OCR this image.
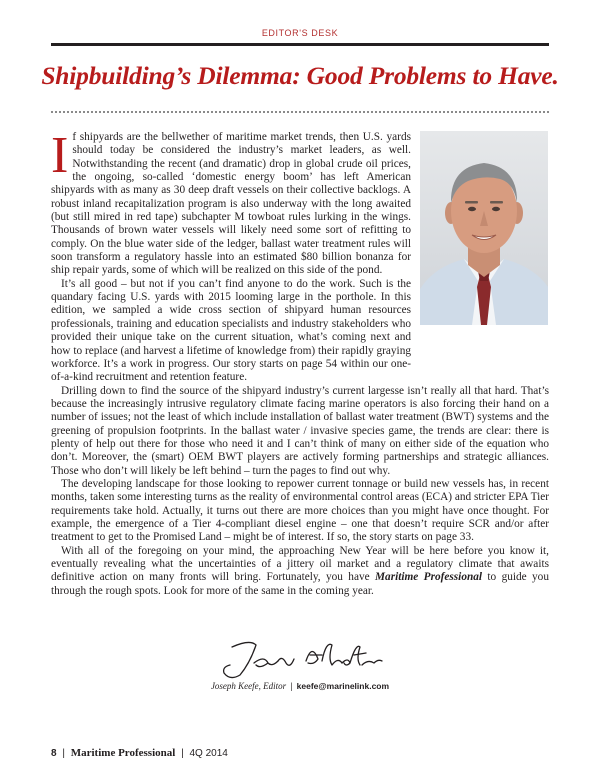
EDITOR'S DESK
Shipbuilding’s Dilemma: Good Problems to Have.

If shipyards are the bellwether of maritime market trends, then U.S. yards should today be considered the industry’s market leaders, as well. Notwithstanding the recent (and dramatic) drop in global crude oil prices, the ongoing, so-called ‘domestic energy boom’ has left American shipyards with as many as 30 deep draft vessels on their collective backlogs. A robust inland recapitalization program is also underway with the long awaited (but still mired in red tape) subchapter M towboat rules lurking in the wings. Thousands of brown water vessels will likely need some sort of refitting to comply. On the blue water side of the ledger, ballast water treatment rules will soon transform a regulatory hassle into an estimated $80 billion bonanza for ship repair yards, some of which will be realized on this side of the pond.

It’s all good – but not if you can’t find anyone to do the work. Such is the quandary facing U.S. yards with 2015 looming large in the porthole. In this edition, we sampled a wide cross section of shipyard human resources professionals, training and education specialists and industry stakeholders who provided their unique take on the current situation, what’s coming next and how to replace (and harvest a lifetime of knowledge from) their rapidly graying workforce. It’s a work in progress. Our story starts on page 54 within our one-of-a-kind recruitment and retention feature.

Drilling down to find the source of the shipyard industry’s current largesse isn’t really all that hard. That’s because the increasingly intrusive regulatory climate facing marine operators is also forcing their hand on a number of issues; not the least of which include installation of ballast water treatment (BWT) systems and the greening of propulsion footprints. In the ballast water / invasive species game, the trends are clear: there is plenty of help out there for those who need it and I can’t think of many on either side of the equation who don’t. Moreover, the (smart) OEM BWT players are actively forming partnerships and strategic alliances. Those who don’t will likely be left behind – turn the pages to find out why.

The developing landscape for those looking to repower current tonnage or build new vessels has, in recent months, taken some interesting turns as the reality of environmental control areas (ECA) and stricter EPA Tier requirements take hold. Actually, it turns out there are more choices than you might have once thought. For example, the emergence of a Tier 4-compliant diesel engine – one that doesn’t require SCR and/or after treatment to get to the Promised Land – might be of interest. If so, the story starts on page 33.

With all of the foregoing on your mind, the approaching New Year will be here before you know it, eventually revealing what the uncertainties of a jittery oil market and a regulatory climate that awaits definitive action on many fronts will bring. Fortunately, you have Maritime Professional to guide you through the rough spots. Look for more of the same in the coming year.

Joseph Keefe, Editor | keefe@marinelink.com
8 | Maritime Professional | 4Q 2014
